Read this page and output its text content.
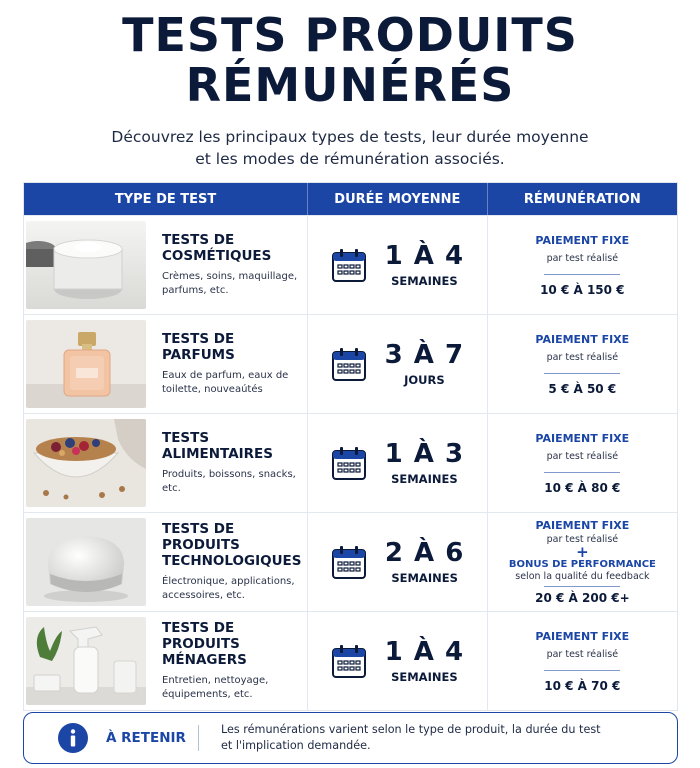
TESTS PRODUITS
RÉMUNÉRÉS
Découvrez les principaux types de tests, leur durée moyenne
et les modes de rémunération associés.
TYPE DE TEST	DURÉE MOYENNE	RÉMUNÉRATION
TESTS DE COSMÉTIQUES
Crèmes, soins, maquillage, parfums, etc.
1 À 4
SEMAINES
PAIEMENT FIXE
par test réalisé
10 € À 150 €
TESTS DE PARFUMS
Eaux de parfum, eaux de toilette, nouveaútés
3 À 7
JOURS
PAIEMENT FIXE
par test réalisé
5 € À 50 €
TESTS ALIMENTAIRES
Produits, boissons, snacks, etc.
1 À 3
SEMAINES
PAIEMENT FIXE
par test réalisé
10 € À 80 €
TESTS DE PRODUITS TECHNOLOGIQUES
Électronique, applications, accessoires, etc.
2 À 6
SEMAINES
PAIEMENT FIXE
par test réalisé
+
BONUS DE PERFORMANCE
selon la qualité du feedback
20 € À 200 €+
TESTS DE PRODUITS MÉNAGERS
Entretien, nettoyage, équipements, etc.
1 À 4
SEMAINES
PAIEMENT FIXE
par test réalisé
10 € À 70 €
À RETENIR
Les rémunérations varient selon le type de produit, la durée du test
et l'implication demandée.
